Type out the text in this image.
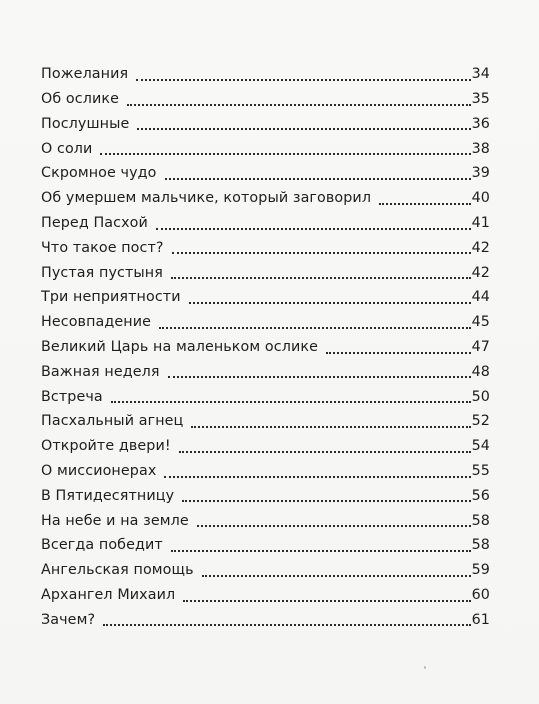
Пожелания	34
Об ослике	35
Послушные	36
О соли	38
Скромное чудо	39
Об умершем мальчике, который заговорил	40
Перед Пасхой	41
Что такое пост?	42
Пустая пустыня	42
Три неприятности	44
Несовпадение	45
Великий Царь на маленьком ослике	47
Важная неделя	48
Встреча	50
Пасхальный агнец	52
Откройте двери!	54
О миссионерах	55
В Пятидесятницу	56
На небе и на земле	58
Всегда победит	58
Ангельская помощь	59
Архангел Михаил	60
Зачем?	61
